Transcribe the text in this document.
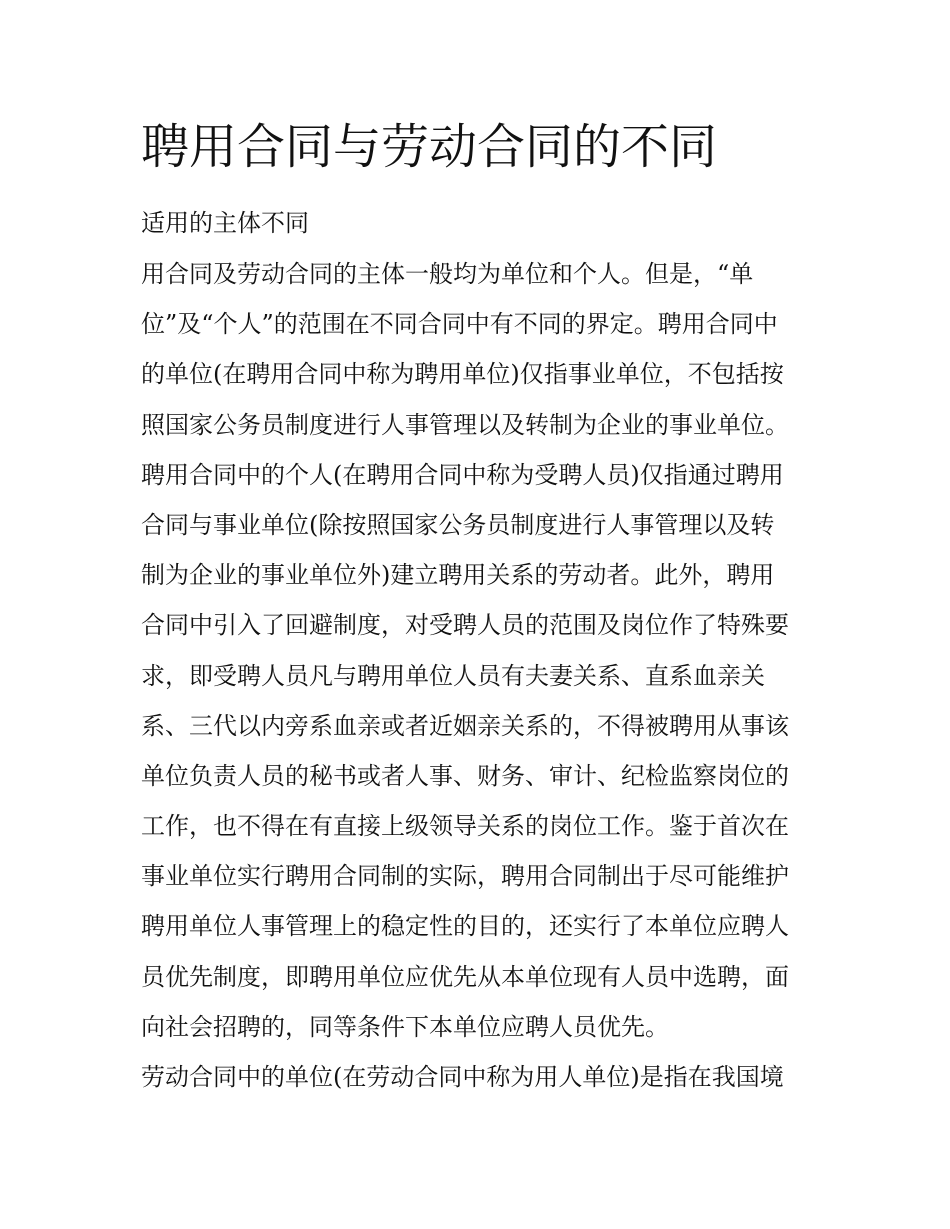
聘用合同与劳动合同的不同
适用的主体不同
用合同及劳动合同的主体一般均为单位和个人。但是，“单
位”及“个人”的范围在不同合同中有不同的界定。聘用合同中
的单位(在聘用合同中称为聘用单位)仅指事业单位，不包括按
照国家公务员制度进行人事管理以及转制为企业的事业单位。
聘用合同中的个人(在聘用合同中称为受聘人员)仅指通过聘用
合同与事业单位(除按照国家公务员制度进行人事管理以及转
制为企业的事业单位外)建立聘用关系的劳动者。此外，聘用
合同中引入了回避制度，对受聘人员的范围及岗位作了特殊要
求，即受聘人员凡与聘用单位人员有夫妻关系、直系血亲关
系、三代以内旁系血亲或者近姻亲关系的，不得被聘用从事该
单位负责人员的秘书或者人事、财务、审计、纪检监察岗位的
工作，也不得在有直接上级领导关系的岗位工作。鉴于首次在
事业单位实行聘用合同制的实际，聘用合同制出于尽可能维护
聘用单位人事管理上的稳定性的目的，还实行了本单位应聘人
员优先制度，即聘用单位应优先从本单位现有人员中选聘，面
向社会招聘的，同等条件下本单位应聘人员优先。
劳动合同中的单位(在劳动合同中称为用人单位)是指在我国境
